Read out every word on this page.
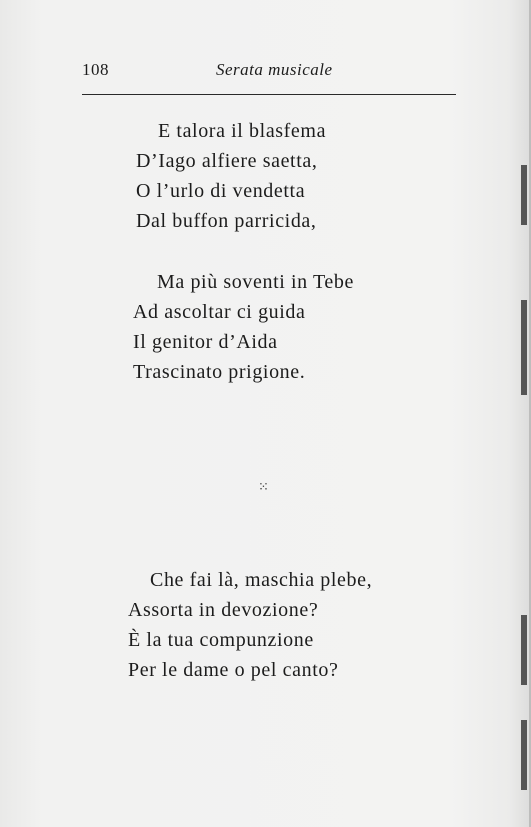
108	Serata musicale
E talora il blasfema
D’Iago alfiere saetta,
O l’urlo di vendetta
Dal buffon parricida,
Ma più soventi in Tebe
Ad ascoltar ci guida
Il genitor d’Aida
Trascinato prigione.
⁙
Che fai là, maschia plebe,
Assorta in devozione?
È la tua compunzione
Per le dame o pel canto?
